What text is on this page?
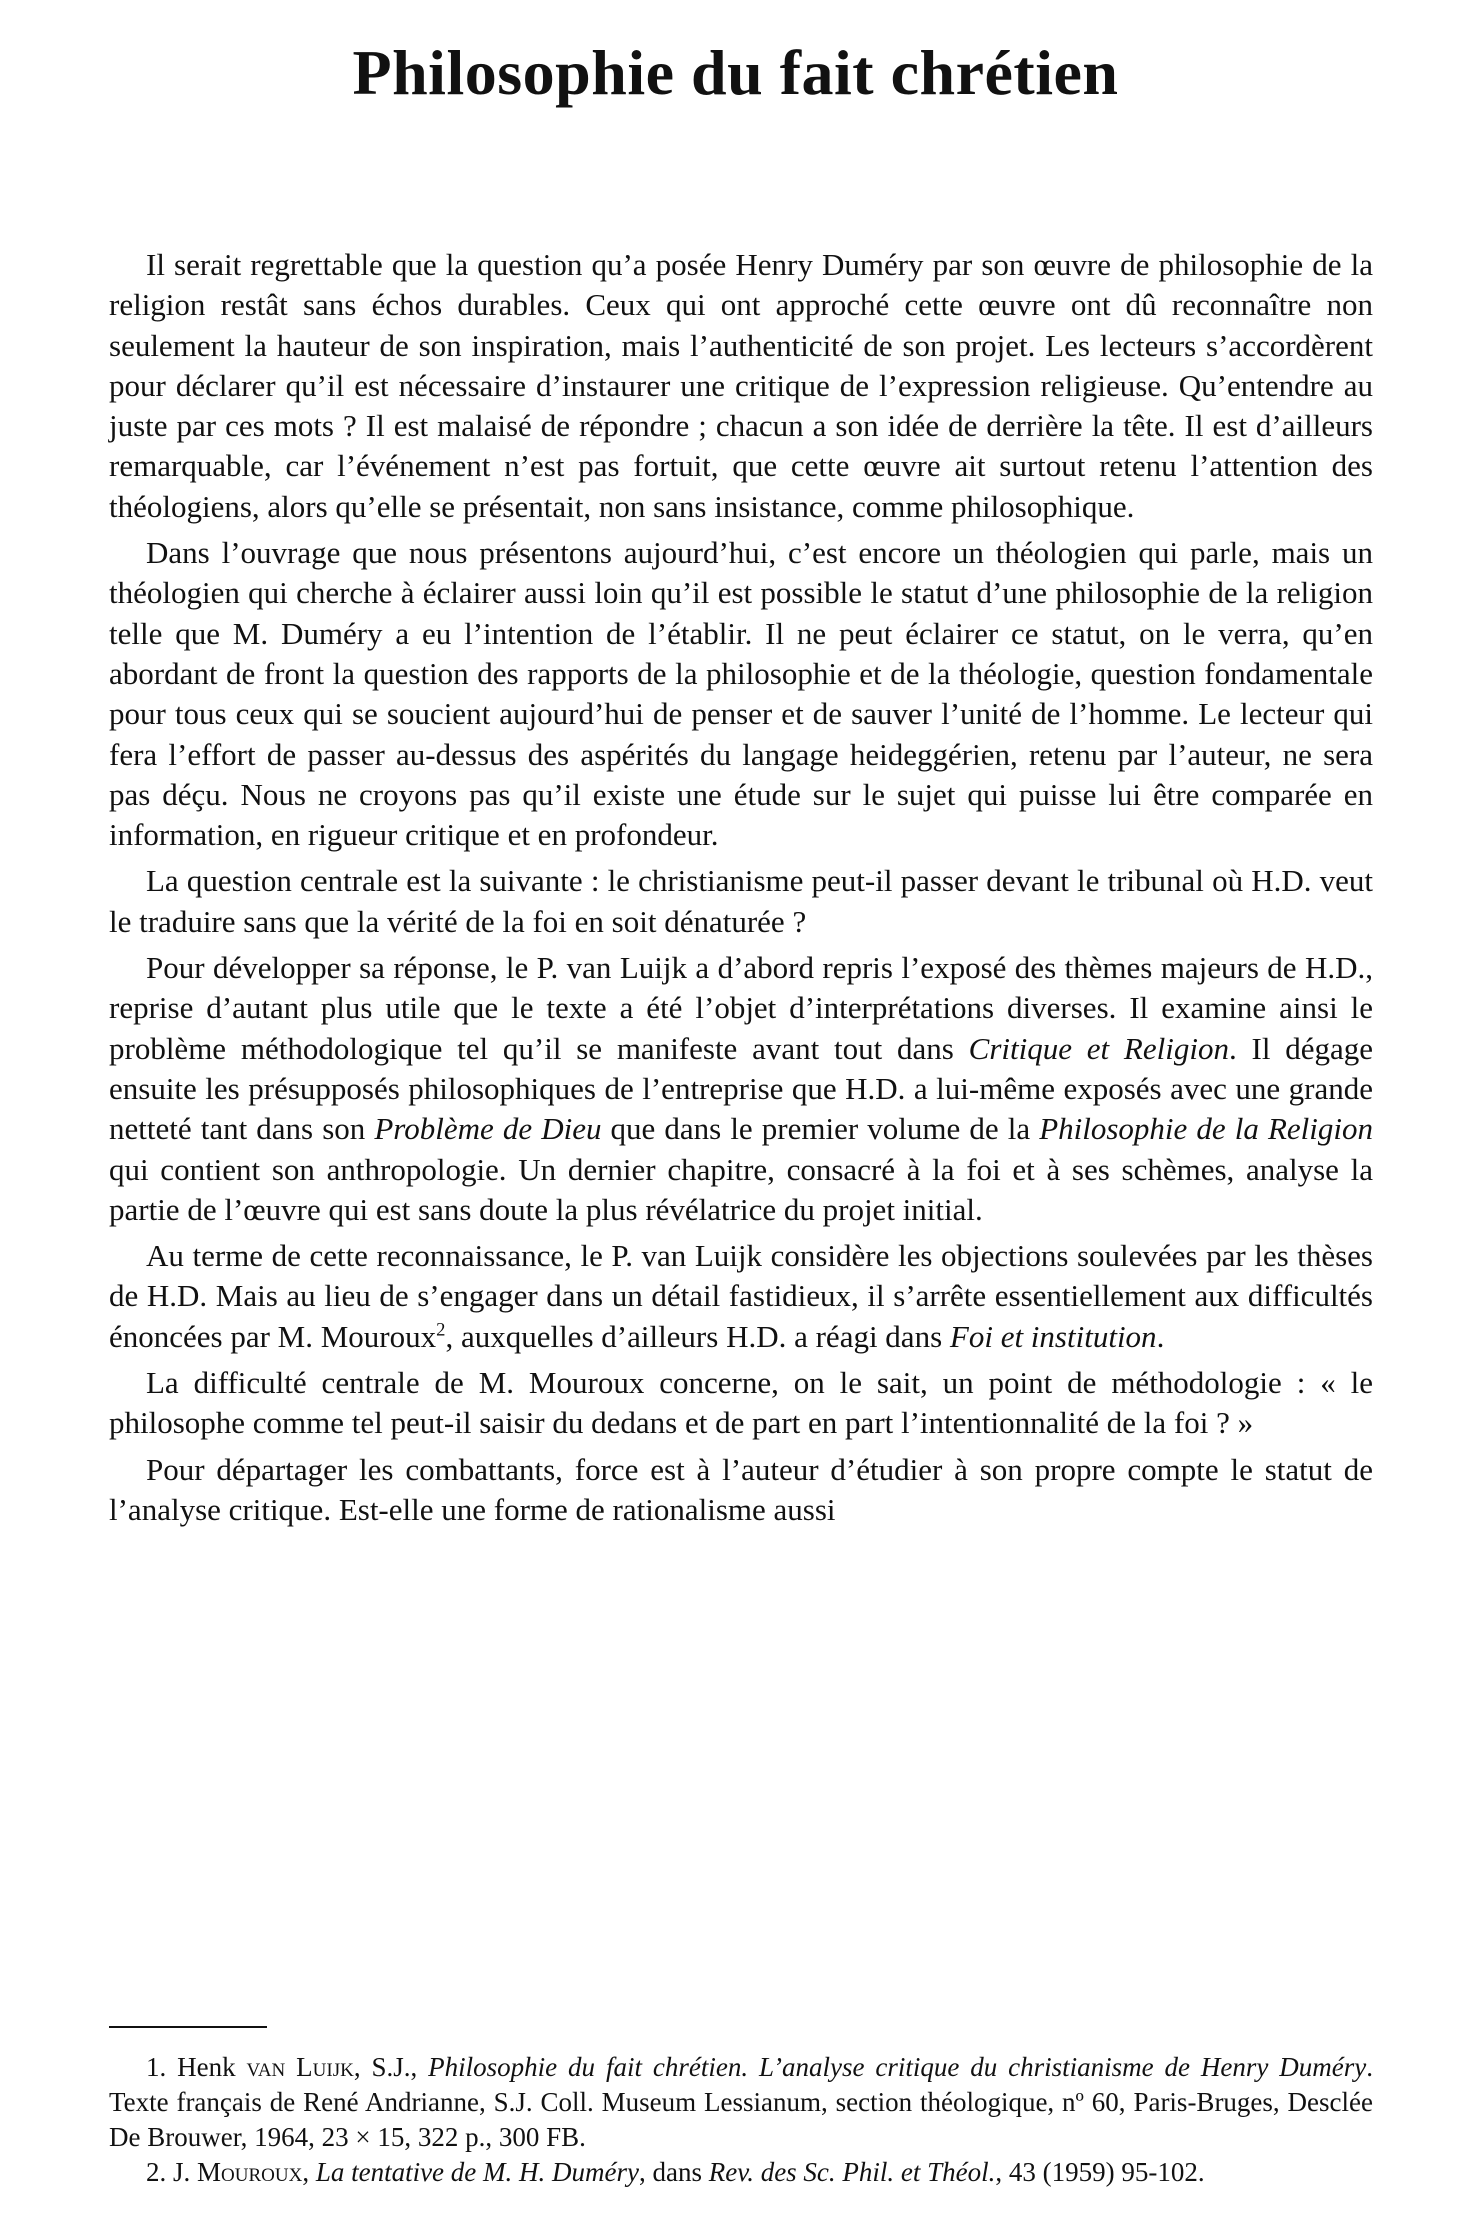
Philosophie du fait chrétien

Il serait regrettable que la question qu’a posée Henry Duméry par son œuvre de philosophie de la religion restât sans échos durables. Ceux qui ont approché cette œuvre ont dû reconnaître non seulement la hauteur de son inspiration, mais l’authenticité de son projet. Les lecteurs s’accordèrent pour déclarer qu’il est nécessaire d’instaurer une critique de l’expression religieuse. Qu’entendre au juste par ces mots ? Il est malaisé de répondre ; chacun a son idée de derrière la tête. Il est d’ailleurs remarquable, car l’événement n’est pas fortuit, que cette œuvre ait surtout retenu l’attention des théologiens, alors qu’elle se présentait, non sans insistance, comme philosophique.

Dans l’ouvrage que nous présentons aujourd’hui, c’est encore un théologien qui parle, mais un théologien qui cherche à éclairer aussi loin qu’il est possible le statut d’une philosophie de la religion telle que M. Duméry a eu l’intention de l’établir. Il ne peut éclairer ce statut, on le verra, qu’en abordant de front la question des rapports de la philosophie et de la théologie, question fondamentale pour tous ceux qui se soucient aujourd’hui de penser et de sauver l’unité de l’homme. Le lecteur qui fera l’effort de passer au-dessus des aspérités du langage heideggérien, retenu par l’auteur, ne sera pas déçu. Nous ne croyons pas qu’il existe une étude sur le sujet qui puisse lui être comparée en information, en rigueur critique et en profondeur.

La question centrale est la suivante : le christianisme peut-il passer devant le tribunal où H.D. veut le traduire sans que la vérité de la foi en soit dénaturée ?

Pour développer sa réponse, le P. van Luijk a d’abord repris l’exposé des thèmes majeurs de H.D., reprise d’autant plus utile que le texte a été l’objet d’interprétations diverses. Il examine ainsi le problème méthodologique tel qu’il se manifeste avant tout dans Critique et Religion. Il dégage ensuite les présupposés philosophiques de l’entreprise que H.D. a lui-même exposés avec une grande netteté tant dans son Problème de Dieu que dans le premier volume de la Philosophie de la Religion qui contient son anthropologie. Un dernier chapitre, consacré à la foi et à ses schèmes, analyse la partie de l’œuvre qui est sans doute la plus révélatrice du projet initial.

Au terme de cette reconnaissance, le P. van Luijk considère les objections soulevées par les thèses de H.D. Mais au lieu de s’engager dans un détail fastidieux, il s’arrête essentiellement aux difficultés énoncées par M. Mouroux$^2$, auxquelles d’ailleurs H.D. a réagi dans Foi et institution.

La difficulté centrale de M. Mouroux concerne, on le sait, un point de méthodologie : « le philosophe comme tel peut-il saisir du dedans et de part en part l’intentionnalité de la foi ? »

Pour départager les combattants, force est à l’auteur d’étudier à son propre compte le statut de l’analyse critique. Est-elle une forme de rationalisme aussi

1. Henk van Luijk, S.J., Philosophie du fait chrétien. L’analyse critique du christianisme de Henry Duméry. Texte français de René Andrianne, S.J. Coll. Museum Lessianum, section théologique, nº 60, Paris-Bruges, Desclée De Brouwer, 1964, 23 × 15, 322 p., 300 FB.

2. J. Mouroux, La tentative de M. H. Duméry, dans Rev. des Sc. Phil. et Théol., 43 (1959) 95-102.
